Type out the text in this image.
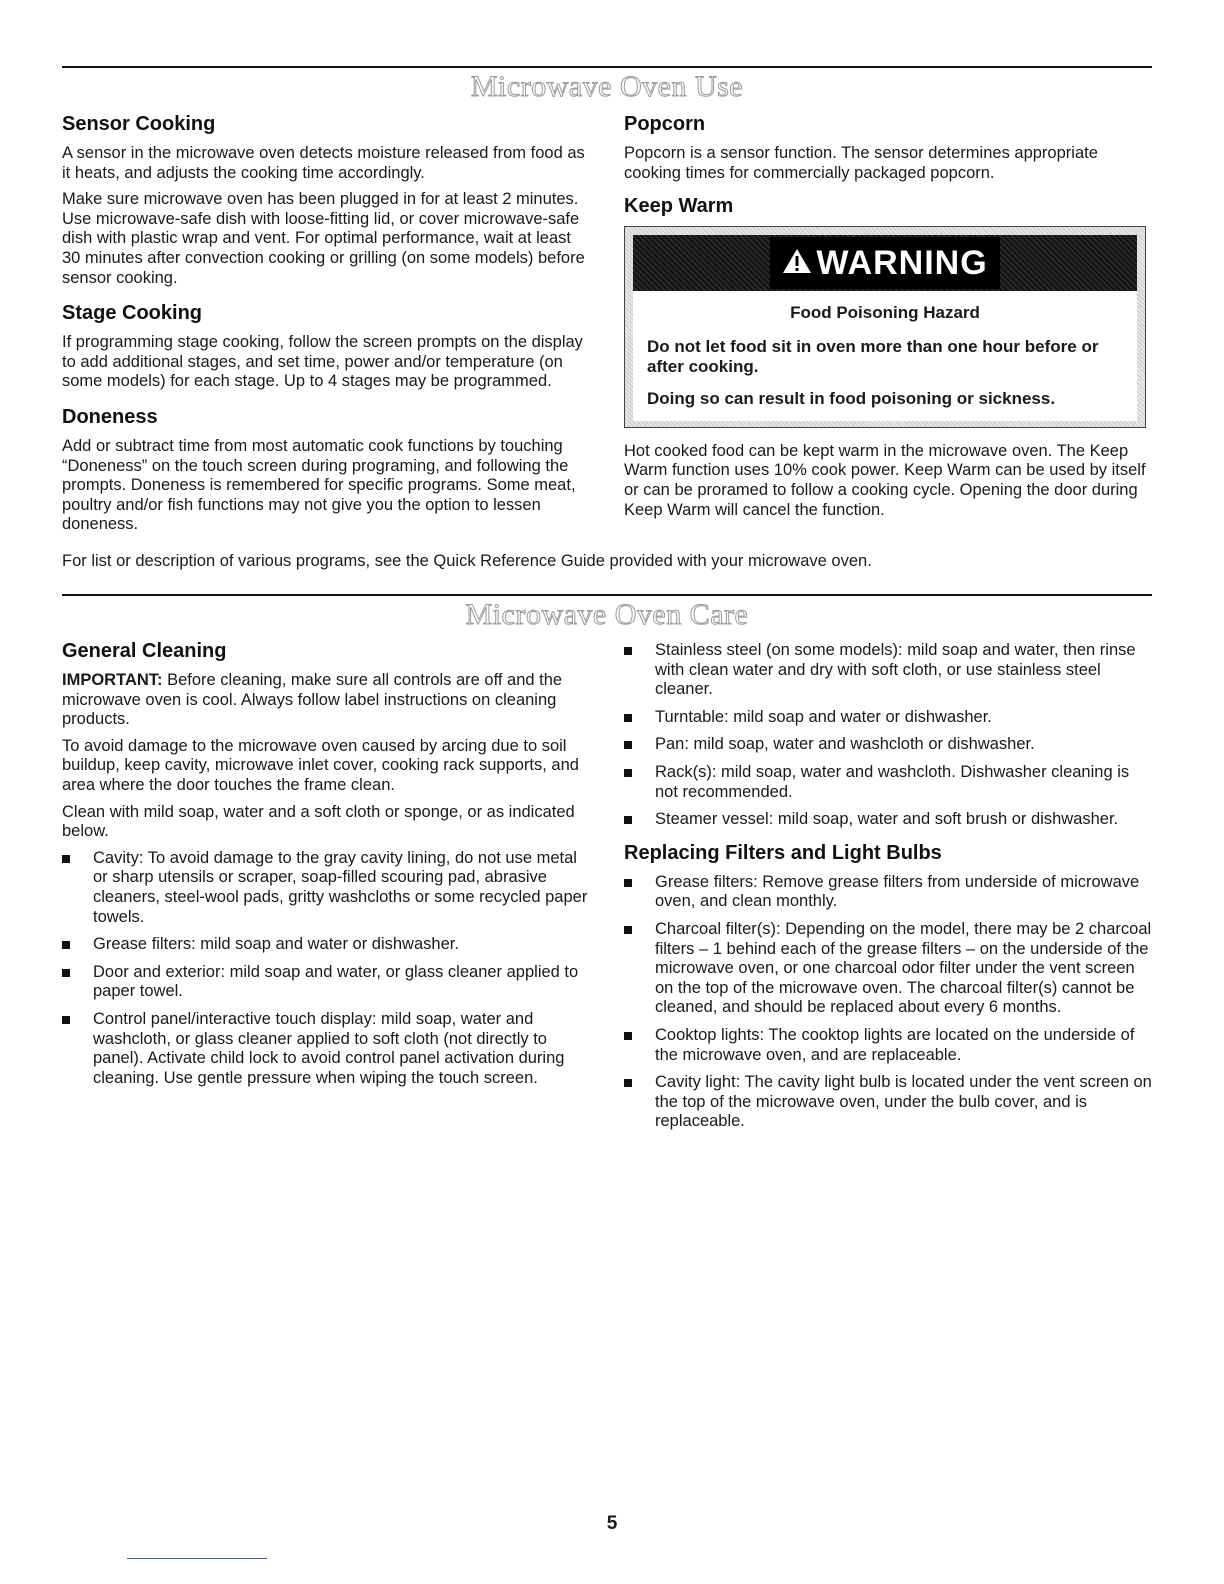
Microwave Oven Use
Sensor Cooking

A sensor in the microwave oven detects moisture released from food as it heats, and adjusts the cooking time accordingly.

Make sure microwave oven has been plugged in for at least 2 minutes. Use microwave-safe dish with loose-fitting lid, or cover microwave-safe dish with plastic wrap and vent. For optimal performance, wait at least 30 minutes after convection cooking or grilling (on some models) before sensor cooking.

Stage Cooking

If programming stage cooking, follow the screen prompts on the display to add additional stages, and set time, power and/or temperature (on some models) for each stage. Up to 4 stages may be programmed.

Doneness

Add or subtract time from most automatic cook functions by touching “Doneness” on the touch screen during programing, and following the prompts. Doneness is remembered for specific programs. Some meat, poultry and/or fish functions may not give you the option to lessen doneness.

Popcorn

Popcorn is a sensor function. The sensor determines appropriate cooking times for commercially packaged popcorn.

Keep Warm
WARNING

Food Poisoning Hazard

Do not let food sit in oven more than one hour before or after cooking.

Doing so can result in food poisoning or sickness.

Hot cooked food can be kept warm in the microwave oven. The Keep Warm function uses 10% cook power. Keep Warm can be used by itself or can be proramed to follow a cooking cycle. Opening the door during Keep Warm will cancel the function.

For list or description of various programs, see the Quick Reference Guide provided with your microwave oven.

Microwave Oven Care
General Cleaning

IMPORTANT: Before cleaning, make sure all controls are off and the microwave oven is cool. Always follow label instructions on cleaning products.

To avoid damage to the microwave oven caused by arcing due to soil buildup, keep cavity, microwave inlet cover, cooking rack supports, and area where the door touches the frame clean.

Clean with mild soap, water and a soft cloth or sponge, or as indicated below.

Cavity: To avoid damage to the gray cavity lining, do not use metal or sharp utensils or scraper, soap-filled scouring pad, abrasive cleaners, steel-wool pads, gritty washcloths or some recycled paper towels.
Grease filters: mild soap and water or dishwasher.
Door and exterior: mild soap and water, or glass cleaner applied to paper towel.
Control panel/interactive touch display: mild soap, water and washcloth, or glass cleaner applied to soft cloth (not directly to panel). Activate child lock to avoid control panel activation during cleaning. Use gentle pressure when wiping the touch screen.
Stainless steel (on some models): mild soap and water, then rinse with clean water and dry with soft cloth, or use stainless steel cleaner.
Turntable: mild soap and water or dishwasher.
Pan: mild soap, water and washcloth or dishwasher.
Rack(s): mild soap, water and washcloth. Dishwasher cleaning is not recommended.
Steamer vessel: mild soap, water and soft brush or dishwasher.
Replacing Filters and Light Bulbs
Grease filters: Remove grease filters from underside of microwave oven, and clean monthly.
Charcoal filter(s): Depending on the model, there may be 2 charcoal filters – 1 behind each of the grease filters – on the underside of the microwave oven, or one charcoal odor filter under the vent screen on the top of the microwave oven. The charcoal filter(s) cannot be cleaned, and should be replaced about every 6 months.
Cooktop lights: The cooktop lights are located on the underside of the microwave oven, and are replaceable.
Cavity light: The cavity light bulb is located under the vent screen on the top of the microwave oven, under the bulb cover, and is replaceable.
5
